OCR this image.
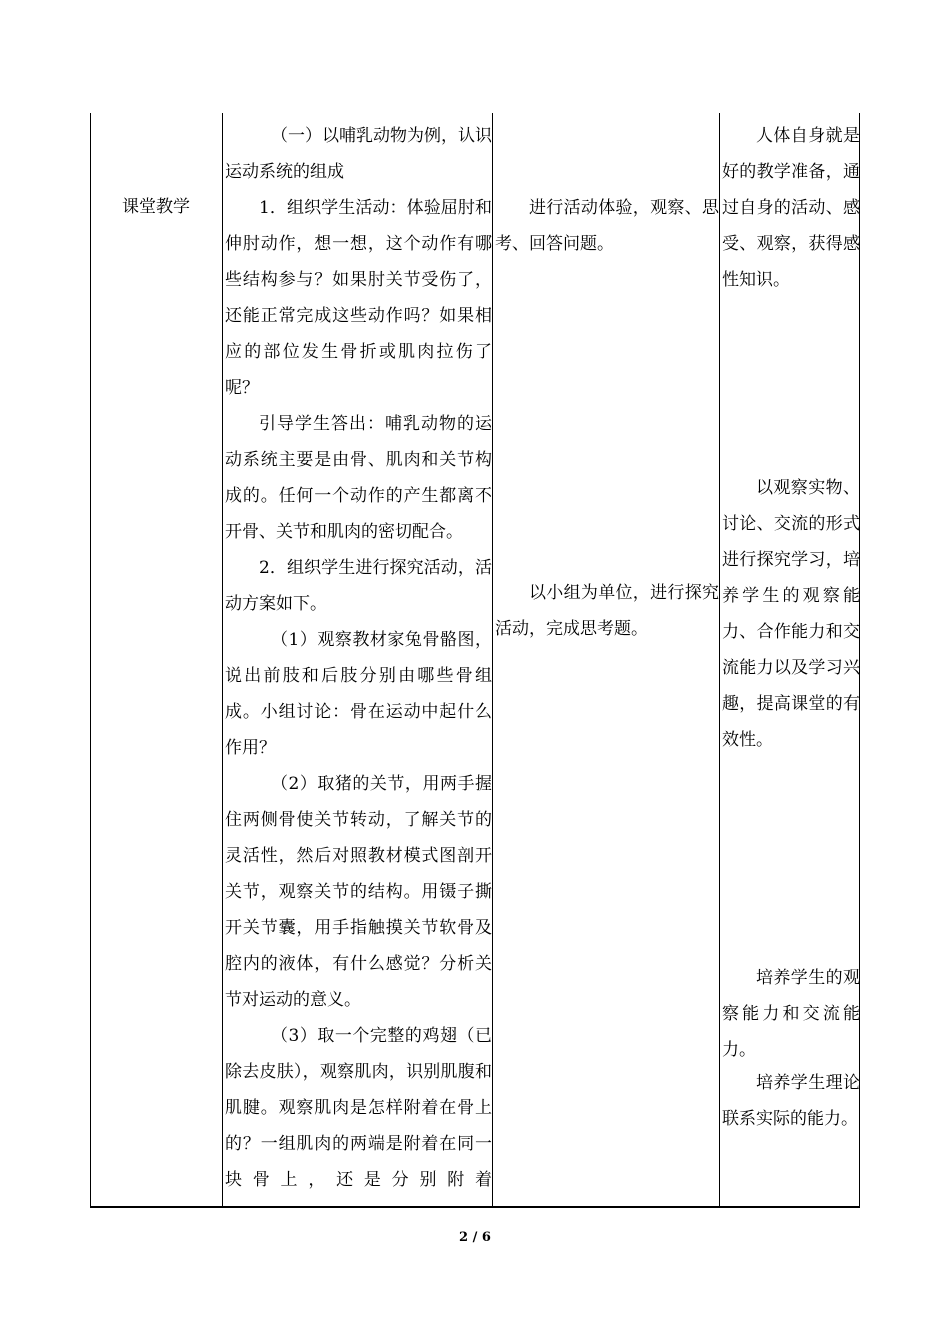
课堂教学

（一）以哺乳动物为例，认识运动系统的组成

1．组织学生活动：体验屈肘和伸肘动作，想一想，这个动作有哪些结构参与？如果肘关节受伤了，还能正常完成这些动作吗？如果相应的部位发生骨折或肌肉拉伤了呢？

引导学生答出：哺乳动物的运动系统主要是由骨、肌肉和关节构成的。任何一个动作的产生都离不开骨、关节和肌肉的密切配合。

2．组织学生进行探究活动，活动方案如下。

（1）观察教材家兔骨骼图，说出前肢和后肢分别由哪些骨组成。小组讨论：骨在运动中起什么作用？

（2）取猪的关节，用两手握住两侧骨使关节转动，了解关节的灵活性，然后对照教材模式图剖开关节，观察关节的结构。用镊子撕开关节囊，用手指触摸关节软骨及腔内的液体，有什么感觉？分析关节对运动的意义。

（3）取一个完整的鸡翅（已除去皮肤），观察肌肉，识别肌腹和肌腱。观察肌肉是怎样附着在骨上的？一组肌肉的两端是附着在同一块骨上，还是分别附着

进行活动体验，观察、思考、回答问题。
以小组为单位，进行探究活动，完成思考题。
人体自身就是好的教学准备，通过自身的活动、感受、观察，获得感性知识。
以观察实物、讨论、交流的形式进行探究学习，培养学生的观察能力、合作能力和交流能力以及学习兴趣，提高课堂的有效性。
培养学生的观察能力和交流能力。
培养学生理论联系实际的能力。
2 / 6
